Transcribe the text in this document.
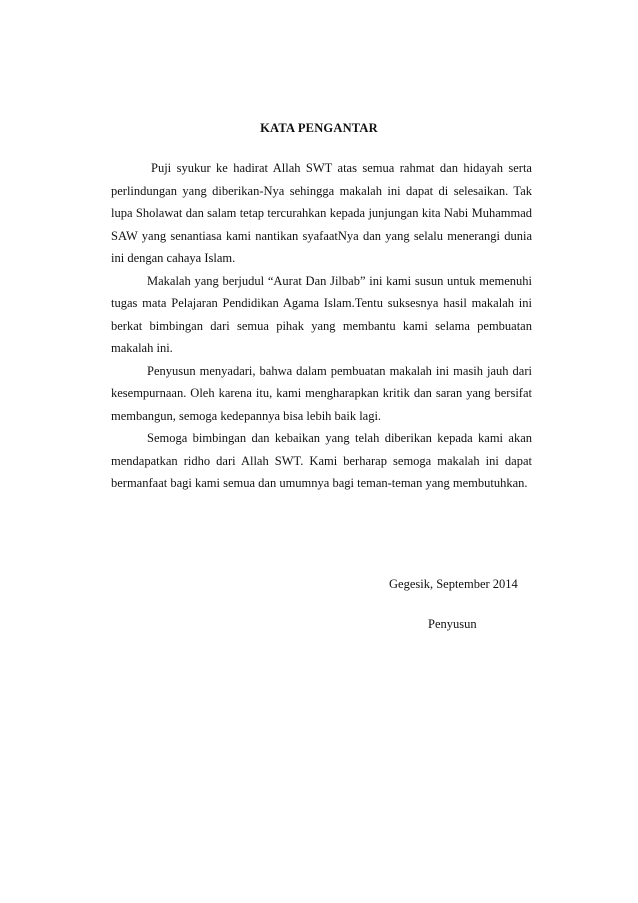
KATA PENGANTAR

Puji syukur ke hadirat Allah SWT atas semua rahmat dan hidayah serta perlindungan yang diberikan-Nya sehingga makalah ini dapat di selesaikan. Tak lupa Sholawat dan salam tetap tercurahkan kepada junjungan kita Nabi Muhammad SAW yang senantiasa kami nantikan syafaatNya dan yang selalu menerangi dunia ini dengan cahaya Islam.

Makalah yang berjudul “Aurat Dan Jilbab” ini kami susun untuk memenuhi tugas mata Pelajaran Pendidikan Agama Islam.Tentu suksesnya hasil makalah ini berkat bimbingan dari semua pihak yang membantu kami selama pembuatan makalah ini.

Penyusun menyadari, bahwa dalam pembuatan makalah ini masih jauh dari kesempurnaan. Oleh karena itu, kami mengharapkan kritik dan saran yang bersifat membangun, semoga kedepannya bisa lebih baik lagi.

Semoga bimbingan dan kebaikan yang telah diberikan kepada kami akan mendapatkan ridho dari Allah SWT. Kami berharap semoga makalah ini dapat bermanfaat bagi kami semua dan umumnya bagi teman-teman yang membutuhkan.

Gegesik, September 2014
Penyusun
